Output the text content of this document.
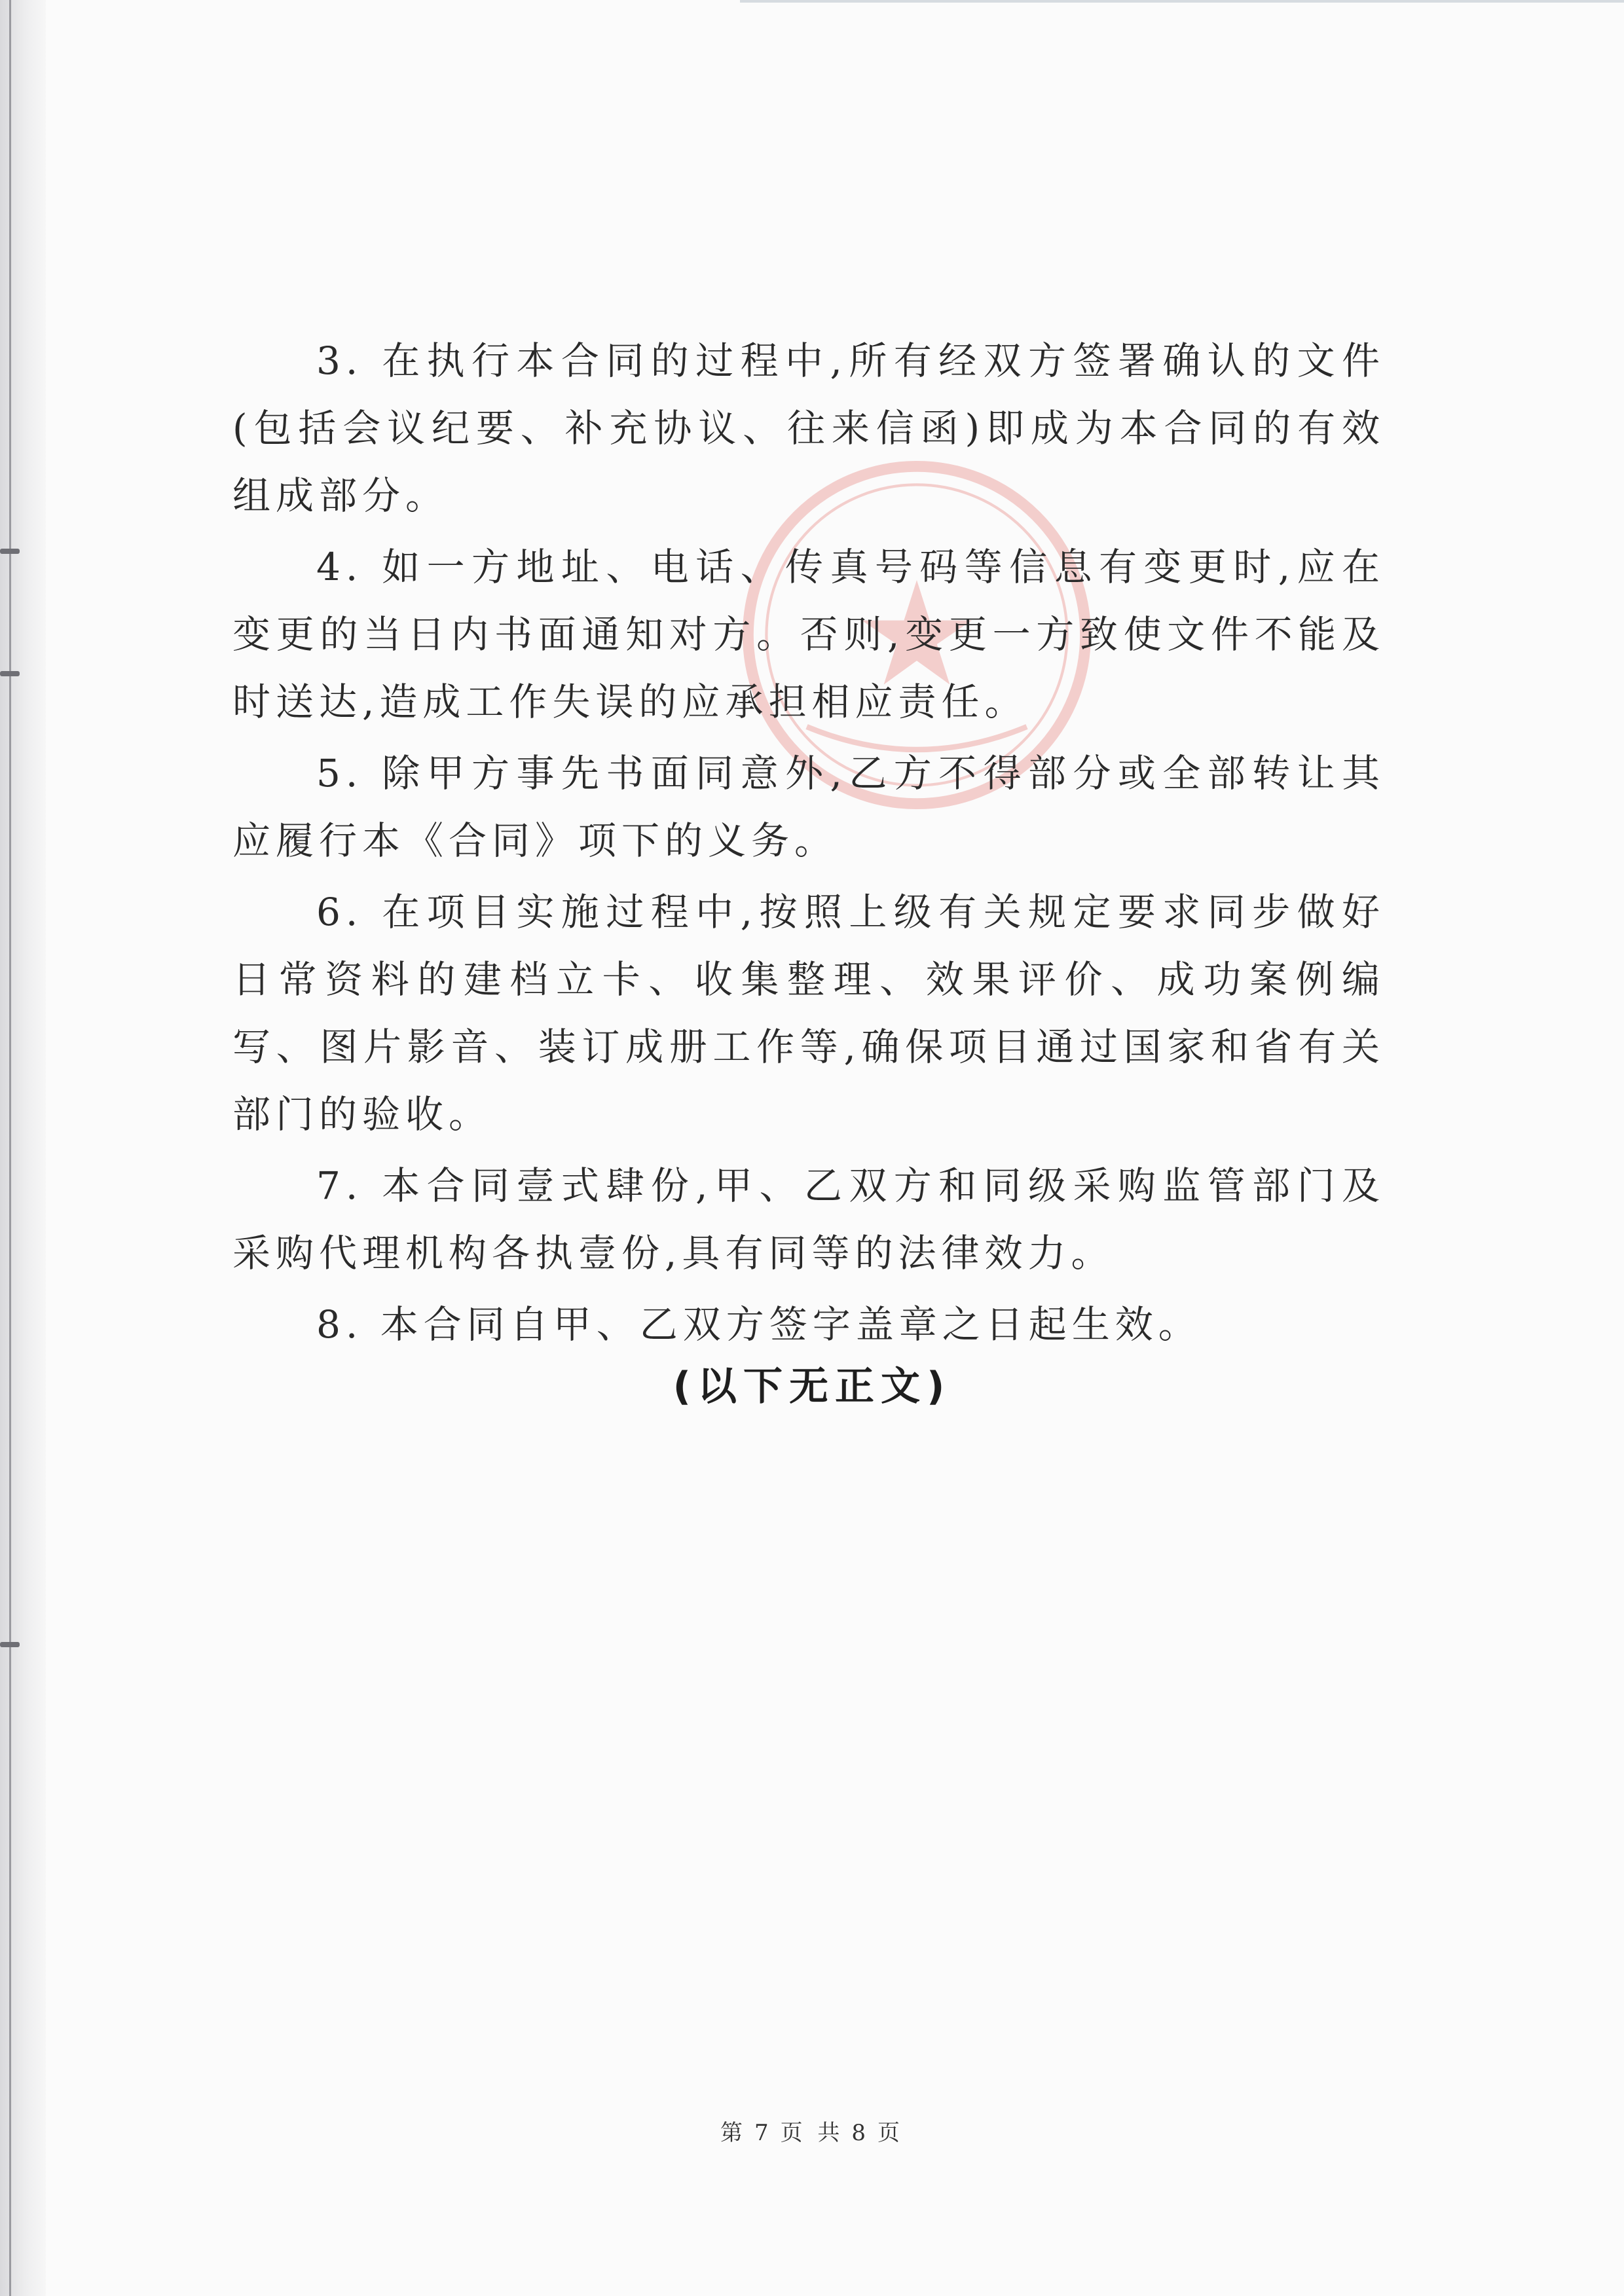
3. 在执行本合同的过程中,所有经双方签署确认的文件(包括会议纪要、补充协议、往来信函)即成为本合同的有效组成部分。

4. 如一方地址、电话、传真号码等信息有变更时,应在变更的当日内书面通知对方。否则,变更一方致使文件不能及时送达,造成工作失误的应承担相应责任。

5. 除甲方事先书面同意外,乙方不得部分或全部转让其应履行本《合同》项下的义务。

6. 在项目实施过程中,按照上级有关规定要求同步做好日常资料的建档立卡、收集整理、效果评价、成功案例编写、图片影音、装订成册工作等,确保项目通过国家和省有关部门的验收。

7. 本合同壹式肆份,甲、乙双方和同级采购监管部门及采购代理机构各执壹份,具有同等的法律效力。

8. 本合同自甲、乙双方签字盖章之日起生效。

(以下无正文)
第 7 页 共 8 页
